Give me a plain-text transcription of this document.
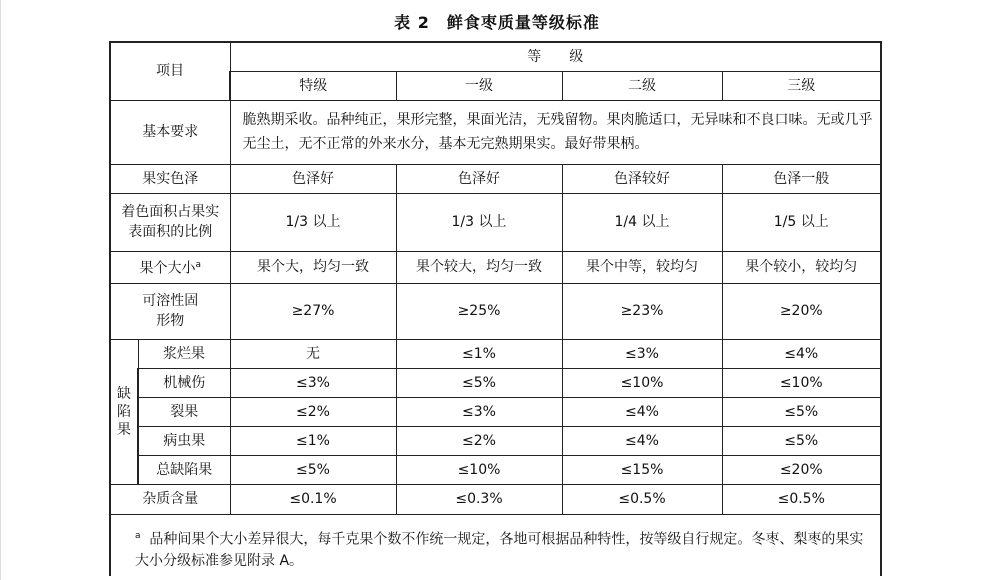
表 2　鲜食枣质量等级标准
项目		等　　级			
		特级	一级	二级	三级
基本要求		脆熟期采收。品种纯正，果形完整，果面光洁，无残留物。果肉脆适口，无异味和不良口味。无或几乎无尘土，无不正常的外来水分，基本无完熟期果实。最好带果柄。			
果实色泽		色泽好	色泽好	色泽较好	色泽一般
着色面积占果实表面积的比例		1/3 以上	1/3 以上	1/4 以上	1/5 以上
果个大小$^a$		果个大，均匀一致	果个较大，均匀一致	果个中等，较均匀	果个较小，较均匀
可溶性固形物		≥27%	≥25%	≥23%	≥20%
缺陷果	浆烂果	无	≤1%	≤3%	≤4%
	机械伤	≤3%	≤5%	≤10%	≤10%
	裂果	≤2%	≤3%	≤4%	≤5%
	病虫果	≤1%	≤2%	≤4%	≤5%
	总缺陷果	≤5%	≤10%	≤15%	≤20%
杂质含量		≤0.1%	≤0.3%	≤0.5%	≤0.5%
$^a$ 品种间果个大小差异很大，每千克果个数不作统一规定，各地可根据品种特性，按等级自行规定。冬枣、梨枣的果实大小分级标准参见附录 A。					
